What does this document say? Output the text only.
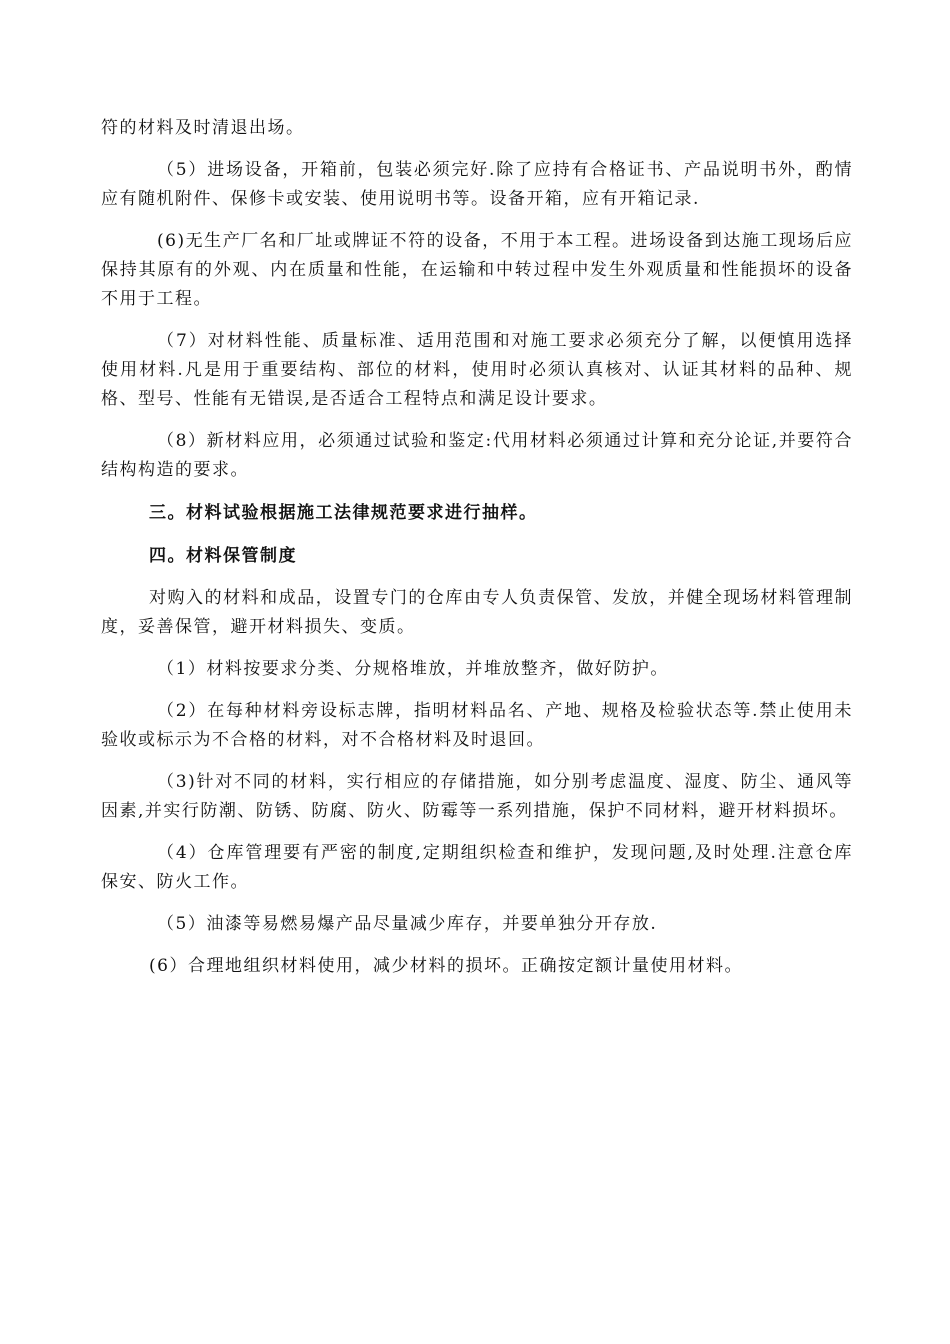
符的材料及时清退出场。

（5）进场设备，开箱前，包装必须完好.除了应持有合格证书、产品说明书外，酌情应有随机附件、保修卡或安装、使用说明书等。设备开箱，应有开箱记录.

(6)无生产厂名和厂址或牌证不符的设备，不用于本工程。进场设备到达施工现场后应保持其原有的外观、内在质量和性能，在运输和中转过程中发生外观质量和性能损坏的设备不用于工程。

（7）对材料性能、质量标准、适用范围和对施工要求必须充分了解，以便慎用选择使用材料.凡是用于重要结构、部位的材料，使用时必须认真核对、认证其材料的品种、规格、型号、性能有无错误,是否适合工程特点和满足设计要求。

（8）新材料应用，必须通过试验和鉴定:代用材料必须通过计算和充分论证,并要符合结构构造的要求。

三。材料试验根据施工法律规范要求进行抽样。

四。材料保管制度

对购入的材料和成品，设置专门的仓库由专人负责保管、发放，并健全现场材料管理制度，妥善保管，避开材料损失、变质。

（1）材料按要求分类、分规格堆放，并堆放整齐，做好防护。

（2）在每种材料旁设标志牌，指明材料品名、产地、规格及检验状态等.禁止使用未验收或标示为不合格的材料，对不合格材料及时退回。

（3)针对不同的材料，实行相应的存储措施，如分别考虑温度、湿度、防尘、通风等因素,并实行防潮、防锈、防腐、防火、防霉等一系列措施，保护不同材料，避开材料损坏。

（4）仓库管理要有严密的制度,定期组织检查和维护，发现问题,及时处理.注意仓库保安、防火工作。

（5）油漆等易燃易爆产品尽量减少库存，并要单独分开存放.

(6）合理地组织材料使用，减少材料的损坏。正确按定额计量使用材料。
